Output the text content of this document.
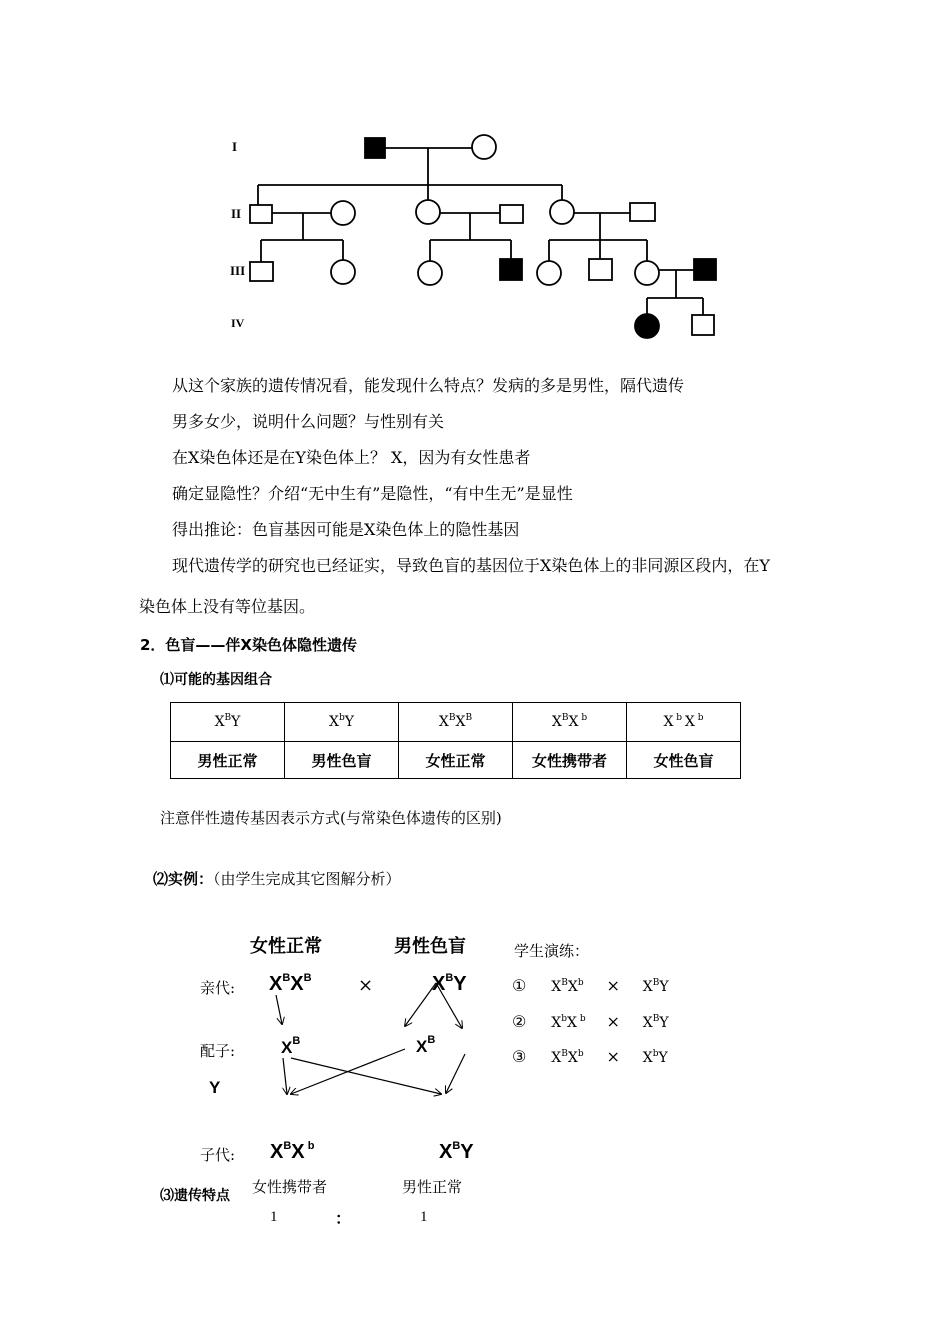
I
II
III
IV
从这个家族的遗传情况看，能发现什么特点？发病的多是男性，隔代遗传
男多女少，说明什么问题？与性别有关
在X染色体还是在Y染色体上？ X，因为有女性患者
确定显隐性？介绍“无中生有”是隐性，“有中生无”是显性
得出推论：色盲基因可能是X染色体上的隐性基因
现代遗传学的研究也已经证实，导致色盲的基因位于X染色体上的非同源区段内，在Y
染色体上没有等位基因。
2．色盲——伴X染色体隐性遗传
⑴可能的基因组合
$X^BY$	$X^bY$	$X^BX^B$	$X^BX$ $^b$	X $^b$ X $^b$
男性正常	男性色盲	女性正常	女性携带者	女性色盲
注意伴性遗传基因表示方式(与常染色体遗传的区别)
⑵实例：（由学生完成其它图解分析）
女性正常	男性色盲
亲代: $X^BX^B$	×	$X^BY$
配子:	$X^B$	$X^B$
Y
子代: $X^BX$ $^b$	$X^BY$
⑶遗传特点 女性携带者	男性正常
1	：	1
学生演练：
① $X^BX^b \times X^BY$
② $X^bX$ $^b \times X^BY$
③ $X^BX^b \times X^bY$
